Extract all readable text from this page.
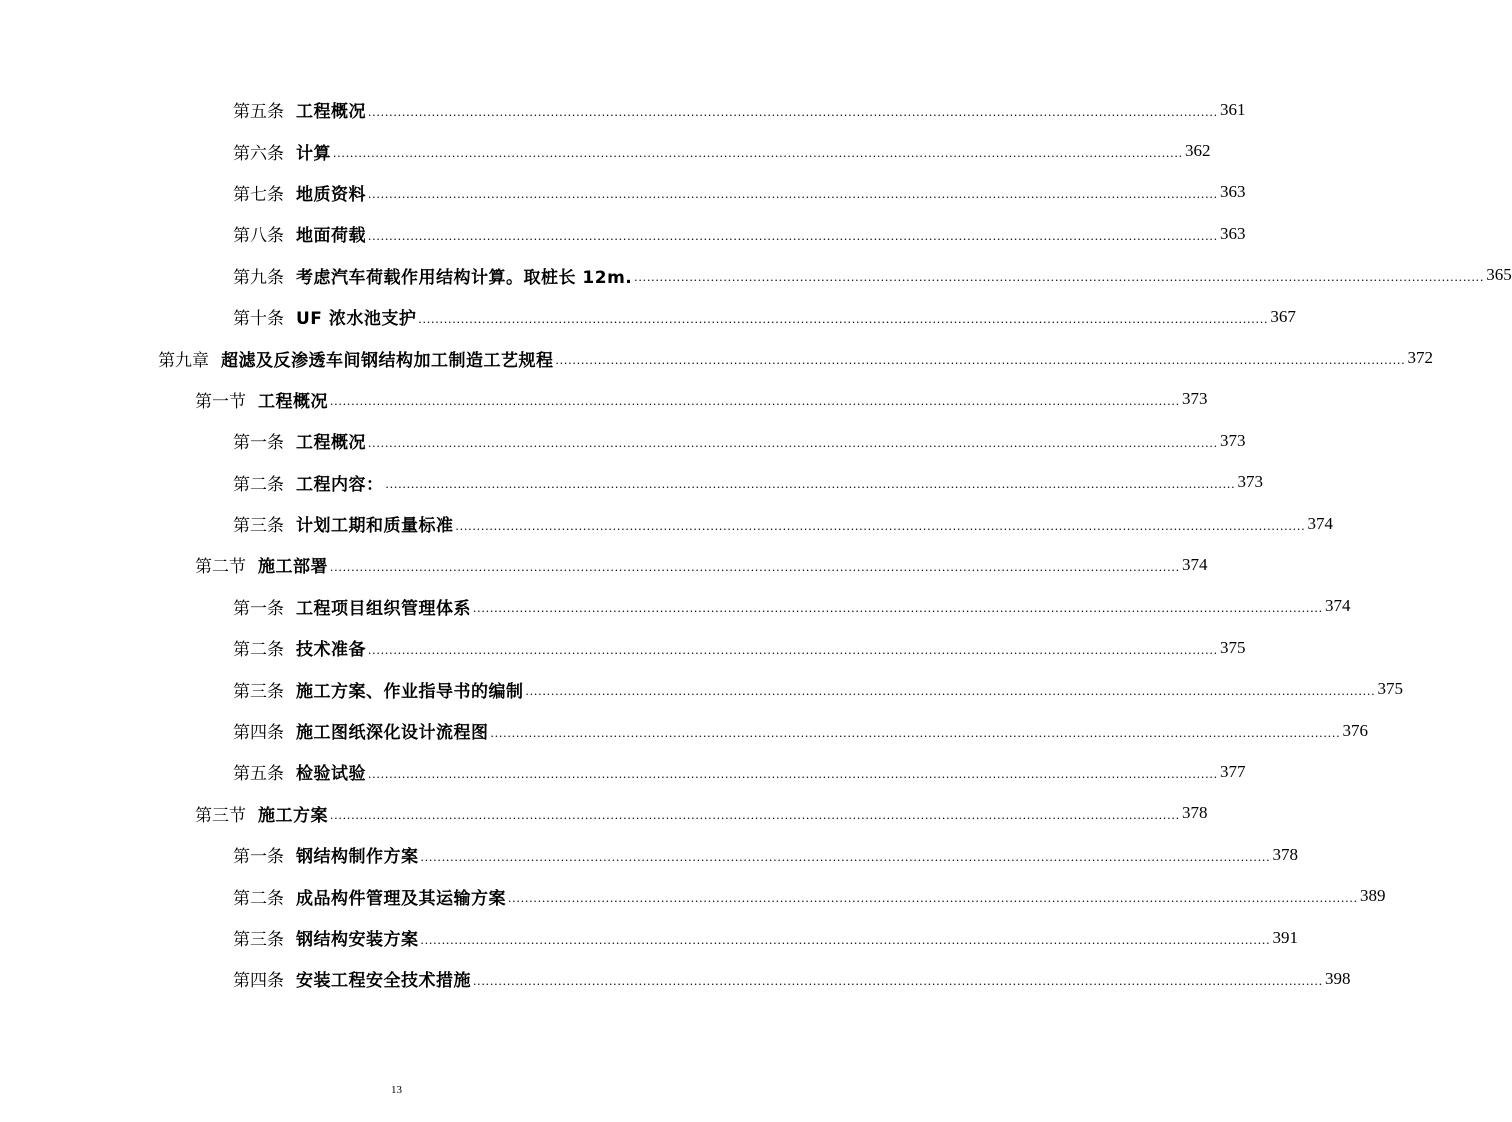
第五条 工程概况 ........................................................................................................................................................................................................ 361
第六条 计算 ........................................................................................................................................................................................................ 362
第七条 地质资料 ........................................................................................................................................................................................................ 363
第八条 地面荷载 ........................................................................................................................................................................................................ 363
第九条 考虑汽车荷载作用结构计算。取桩长 12m. ........................................................................................................................................................................................................ 365
第十条 UF 浓水池支护 ........................................................................................................................................................................................................ 367
第九章 超滤及反渗透车间钢结构加工制造工艺规程 ........................................................................................................................................................................................................ 372
第一节 工程概况 ........................................................................................................................................................................................................ 373
第一条 工程概况 ........................................................................................................................................................................................................ 373
第二条 工程内容： ........................................................................................................................................................................................................ 373
第三条 计划工期和质量标准 ........................................................................................................................................................................................................ 374
第二节 施工部署 ........................................................................................................................................................................................................ 374
第一条 工程项目组织管理体系 ........................................................................................................................................................................................................ 374
第二条 技术准备 ........................................................................................................................................................................................................ 375
第三条 施工方案、作业指导书的编制 ........................................................................................................................................................................................................ 375
第四条 施工图纸深化设计流程图 ........................................................................................................................................................................................................ 376
第五条 检验试验 ........................................................................................................................................................................................................ 377
第三节 施工方案 ........................................................................................................................................................................................................ 378
第一条 钢结构制作方案 ........................................................................................................................................................................................................ 378
第二条 成品构件管理及其运输方案 ........................................................................................................................................................................................................ 389
第三条 钢结构安装方案 ........................................................................................................................................................................................................ 391
第四条 安装工程安全技术措施 ........................................................................................................................................................................................................ 398
13
